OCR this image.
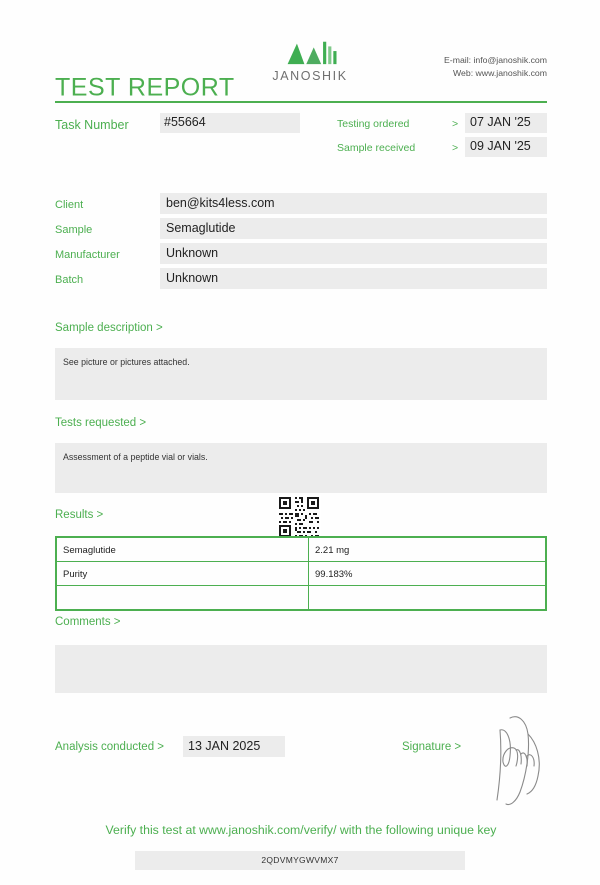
TEST REPORT	JANOSHIK
E-mail: info@janoshik.com
Web: www.janoshik.com
Task Number	#55664	Testing ordered	> 07 JAN '25
Sample received	> 09 JAN '25
Client	ben@kits4less.com
Sample	Semaglutide
Manufacturer	Unknown
Batch	Unknown
Sample description >
See picture or pictures attached.
Tests requested >
Assessment of a peptide vial or vials.
Results >
Semaglutide	2.21 mg
Purity	99.183%

Comments >
Analysis conducted >	13 JAN 2025	Signature >
Verify this test at www.janoshik.com/verify/ with the following unique key
2QDVMYGWVMX7
